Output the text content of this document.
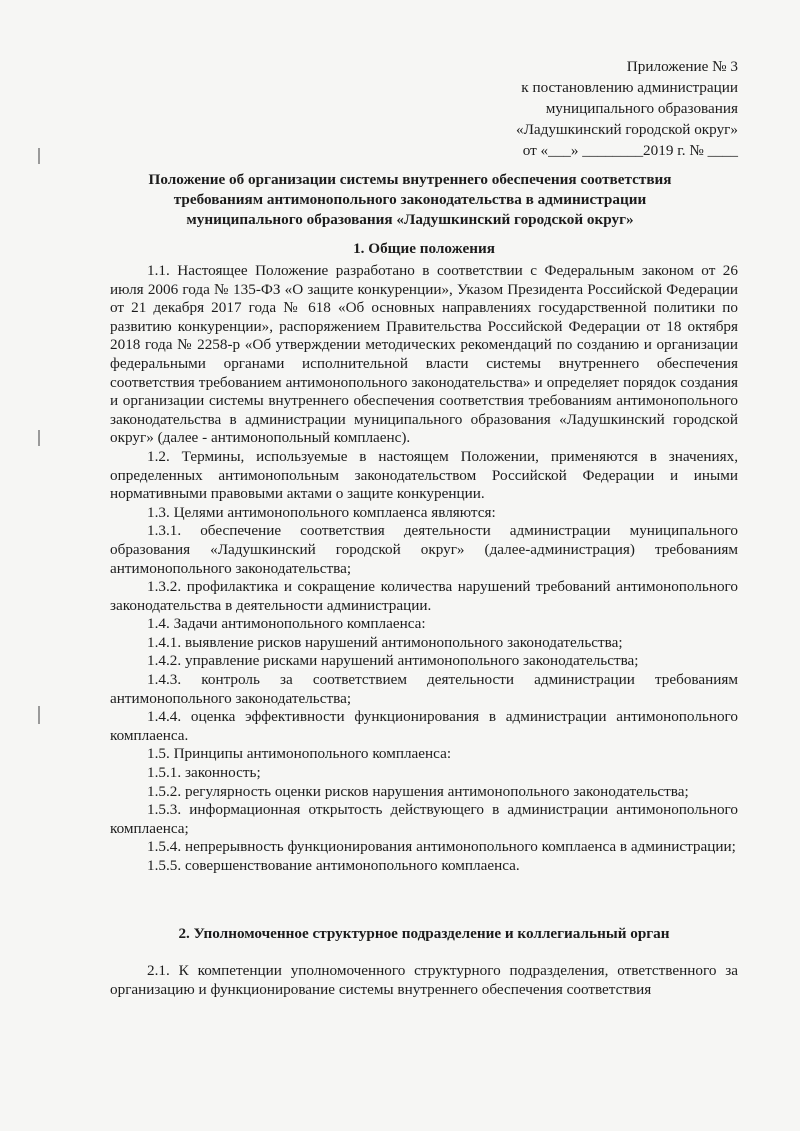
Приложение № 3
к постановлению администрации
муниципального образования
«Ладушкинский городской округ»
от «___» ________2019 г. № ____
Положение об организации системы внутреннего обеспечения соответствия
требованиям антимонопольного законодательства в администрации
муниципального образования «Ладушкинский городской округ»
1. Общие положения

1.1. Настоящее Положение разработано в соответствии с Федеральным законом от 26 июля 2006 года № 135-ФЗ «О защите конкуренции», Указом Президента Российской Федерации от 21 декабря 2017 года № 618 «Об основных направлениях государственной политики по развитию конкуренции», распоряжением Правительства Российской Федерации от 18 октября 2018 года № 2258-р «Об утверждении методических рекомендаций по созданию и организации федеральными органами исполнительной власти системы внутреннего обеспечения соответствия требованием антимонопольного законодательства» и определяет порядок создания и организации системы внутреннего обеспечения соответствия требованиям антимонопольного законодательства в администрации муниципального образования «Ладушкинский городской округ» (далее - антимонопольный комплаенс).

1.2. Термины, используемые в настоящем Положении, применяются в значениях, определенных антимонопольным законодательством Российской Федерации и иными нормативными правовыми актами о защите конкуренции.

1.3. Целями антимонопольного комплаенса являются:

1.3.1. обеспечение соответствия деятельности администрации муниципального образования «Ладушкинский городской округ» (далее-администрация) требованиям антимонопольного законодательства;

1.3.2. профилактика и сокращение количества нарушений требований антимонопольного законодательства в деятельности администрации.

1.4. Задачи антимонопольного комплаенса:

1.4.1. выявление рисков нарушений антимонопольного законодательства;

1.4.2. управление рисками нарушений антимонопольного законодательства;

1.4.3. контроль за соответствием деятельности администрации требованиям антимонопольного законодательства;

1.4.4. оценка эффективности функционирования в администрации антимонопольного комплаенса.

1.5. Принципы антимонопольного комплаенса:

1.5.1. законность;

1.5.2. регулярность оценки рисков нарушения антимонопольного законодательства;

1.5.3. информационная открытость действующего в администрации антимонопольного комплаенса;

1.5.4. непрерывность функционирования антимонопольного комплаенса в администрации;

1.5.5. совершенствование антимонопольного комплаенса.

2. Уполномоченное структурное подразделение и коллегиальный орган

2.1. К компетенции уполномоченного структурного подразделения, ответственного за организацию и функционирование системы внутреннего обеспечения соответствия
